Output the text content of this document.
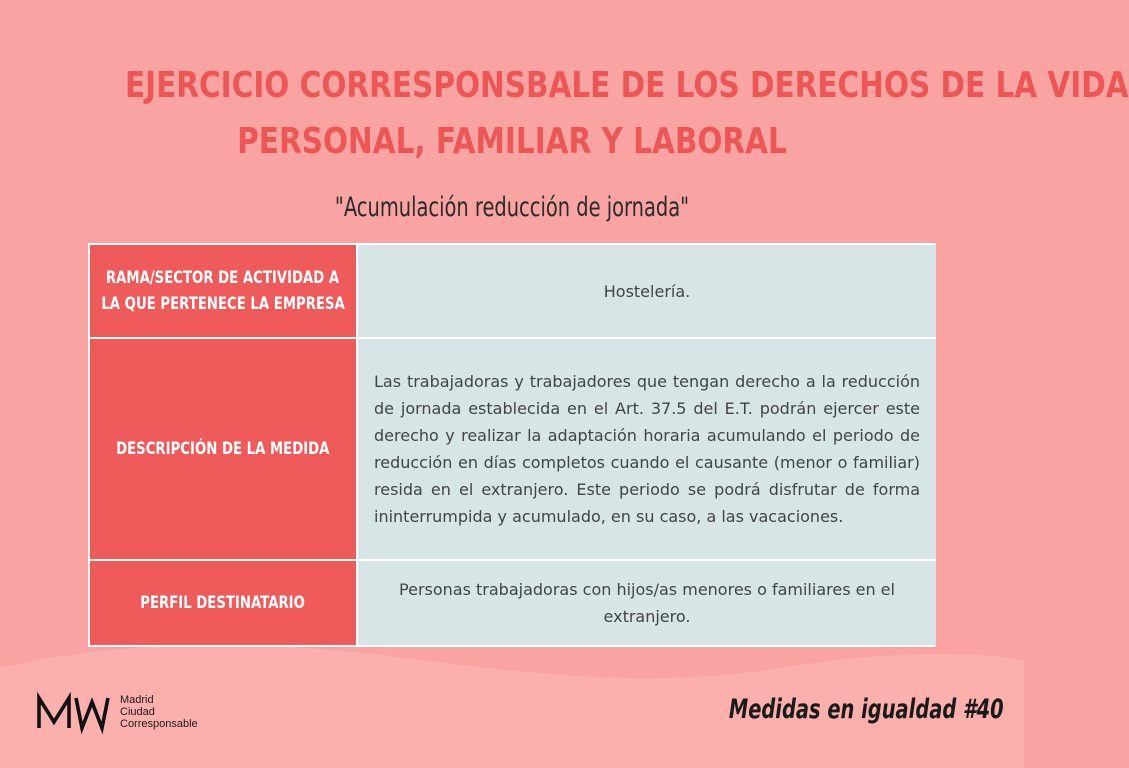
EJERCICIO CORRESPONSBALE DE LOS DERECHOS DE LA VIDA
PERSONAL, FAMILIAR Y LABORAL
"Acumulación reducción de jornada"
RAMA/SECTOR DE ACTIVIDAD A
LA QUE PERTENECE LA EMPRESA
Hostelería.
DESCRIPCIÓN DE LA MEDIDA
Las trabajadoras y trabajadores que tengan derecho a la reducción de jornada establecida en el Art. 37.5 del E.T. podrán ejercer este derecho y realizar la adaptación horaria acumulando el periodo de reducción en días completos cuando el causante (menor o familiar) resida en el extranjero. Este periodo se podrá disfrutar de forma ininterrumpida y acumulado, en su caso, a las vacaciones.
PERFIL DESTINATARIO
Personas trabajadoras con hijos/as menores o familiares en el extranjero.
Madrid
Ciudad
Corresponsable	Medidas en igualdad #40
